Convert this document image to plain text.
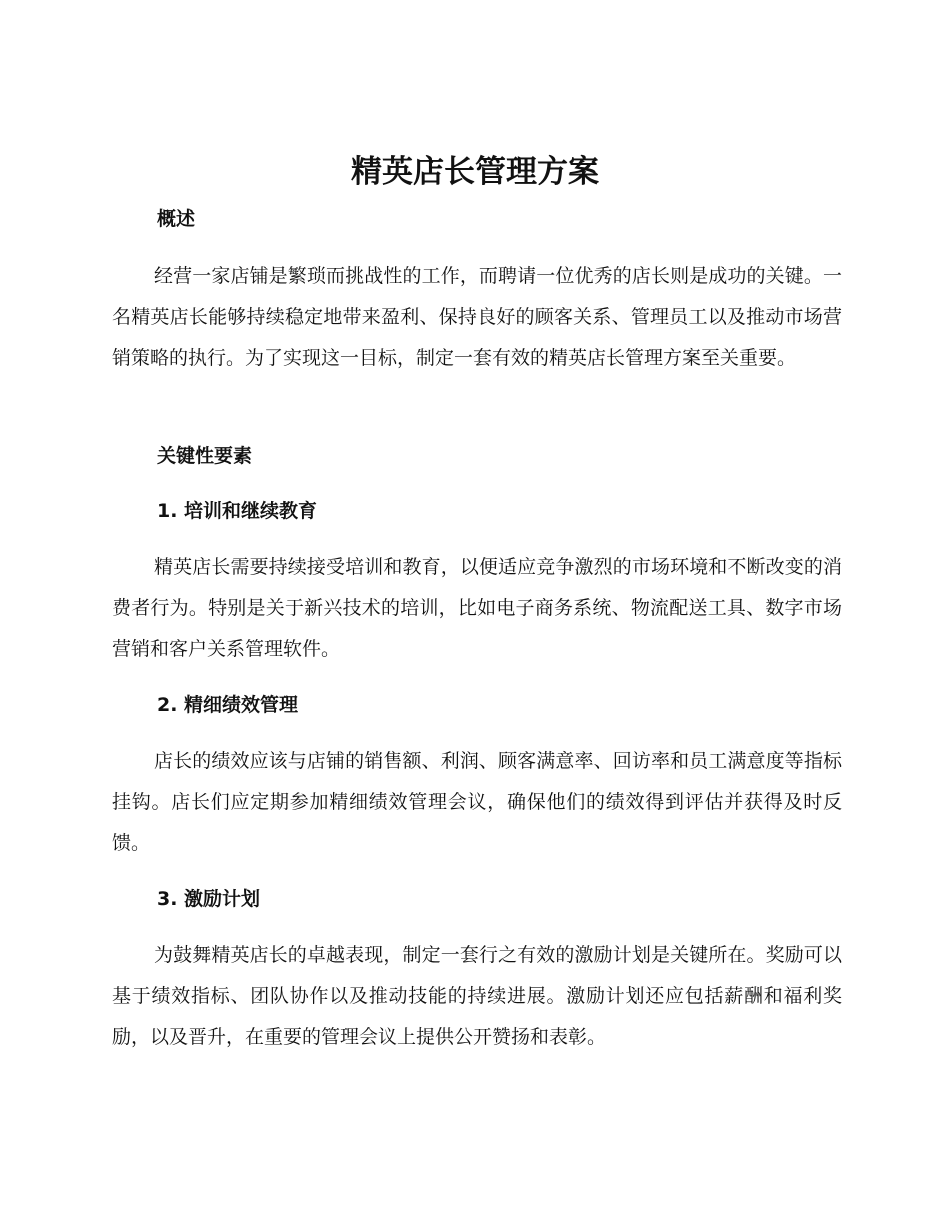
精英店长管理方案
概述

经营一家店铺是繁琐而挑战性的工作，而聘请一位优秀的店长则是成功的关键。一名精英店长能够持续稳定地带来盈利、保持良好的顾客关系、管理员工以及推动市场营销策略的执行。为了实现这一目标，制定一套有效的精英店长管理方案至关重要。

关键性要素
1. 培训和继续教育

精英店长需要持续接受培训和教育，以便适应竞争激烈的市场环境和不断改变的消费者行为。特别是关于新兴技术的培训，比如电子商务系统、物流配送工具、数字市场营销和客户关系管理软件。

2. 精细绩效管理

店长的绩效应该与店铺的销售额、利润、顾客满意率、回访率和员工满意度等指标挂钩。店长们应定期参加精细绩效管理会议，确保他们的绩效得到评估并获得及时反馈。

3. 激励计划

为鼓舞精英店长的卓越表现，制定一套行之有效的激励计划是关键所在。奖励可以基于绩效指标、团队协作以及推动技能的持续进展。激励计划还应包括薪酬和福利奖励，以及晋升，在重要的管理会议上提供公开赞扬和表彰。
